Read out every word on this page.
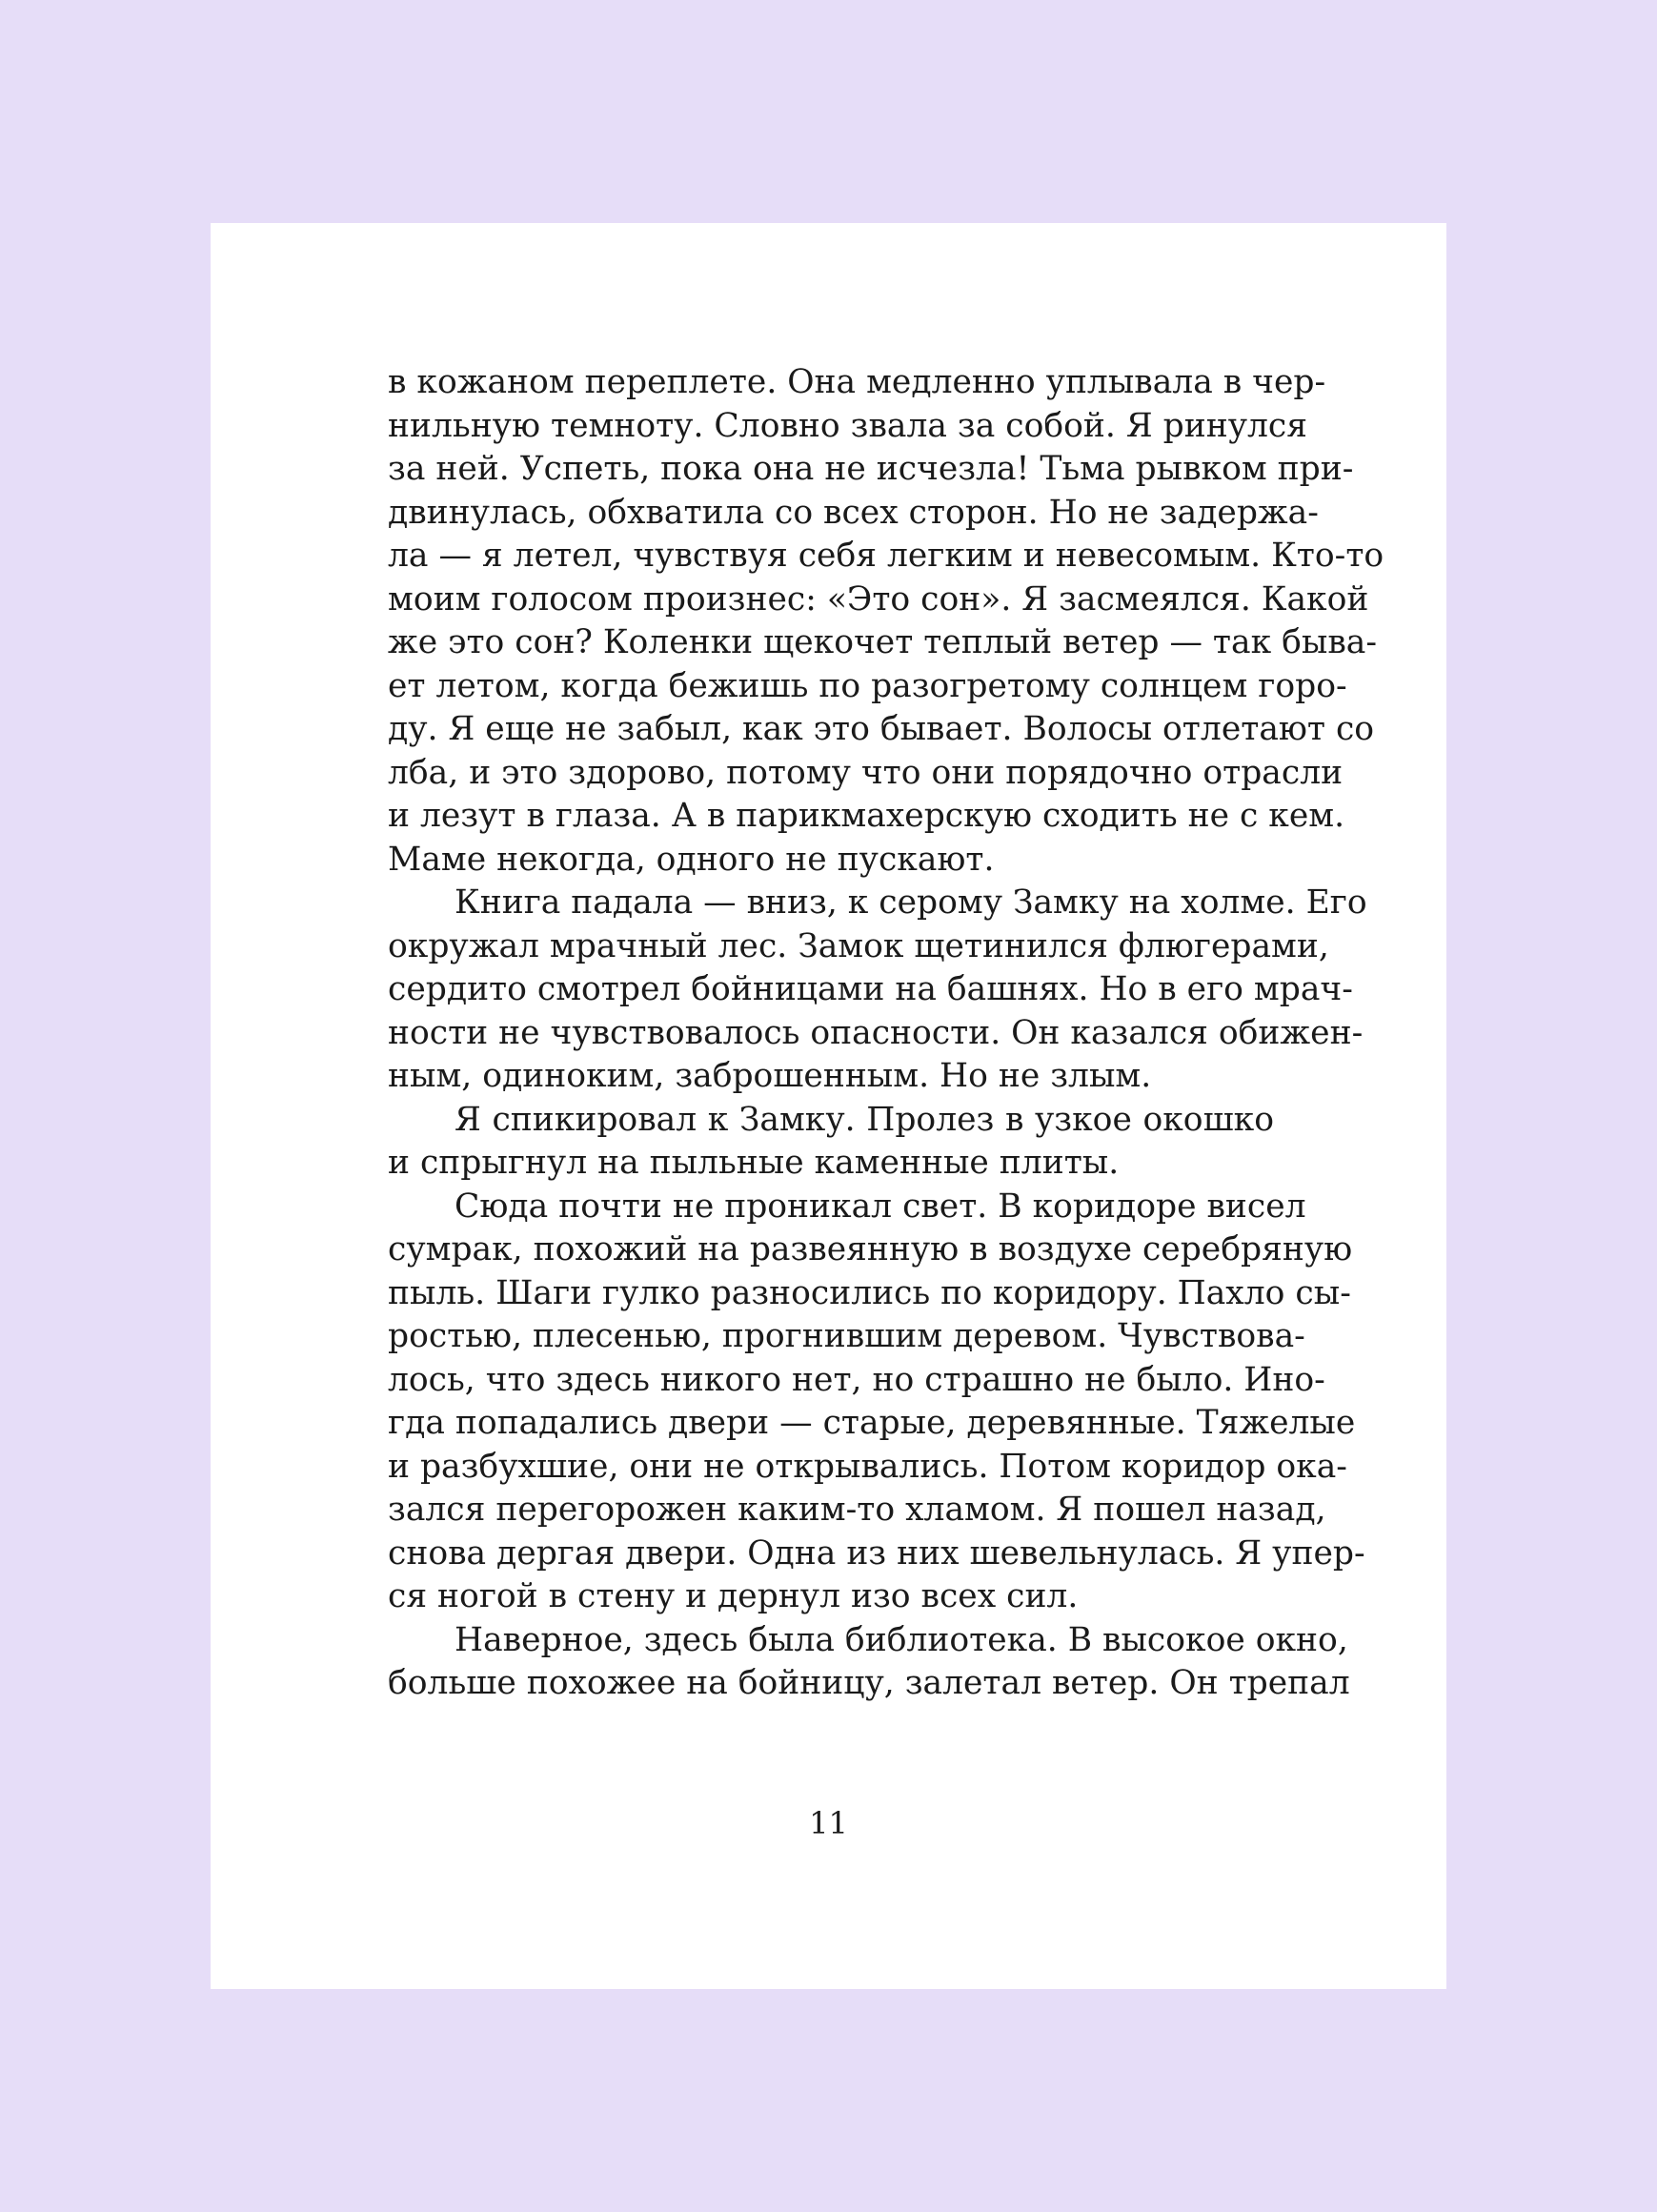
в кожаном переплете. Она медленно уплывала в чер-
нильную темноту. Словно звала за собой. Я ринулся
за ней. Успеть, пока она не исчезла! Тьма рывком при-
двинулась, обхватила со всех сторон. Но не задержа-
ла — я летел, чувствуя себя легким и невесомым. Кто-то
моим голосом произнес: «Это сон». Я засмеялся. Какой
же это сон? Коленки щекочет теплый ветер — так быва-
ет летом, когда бежишь по разогретому солнцем горо-
ду. Я еще не забыл, как это бывает. Волосы отлетают со
лба, и это здорово, потому что они порядочно отрасли
и лезут в глаза. А в парикмахерскую сходить не с кем.
Маме некогда, одного не пускают.
Книга падала — вниз, к серому Замку на холме. Его
окружал мрачный лес. Замок щетинился флюгерами,
сердито смотрел бойницами на башнях. Но в его мрач-
ности не чувствовалось опасности. Он казался обижен-
ным, одиноким, заброшенным. Но не злым.
Я спикировал к Замку. Пролез в узкое окошко
и спрыгнул на пыльные каменные плиты.
Сюда почти не проникал свет. В коридоре висел
сумрак, похожий на развеянную в воздухе серебряную
пыль. Шаги гулко разносились по коридору. Пахло сы-
ростью, плесенью, прогнившим деревом. Чувствова-
лось, что здесь никого нет, но страшно не было. Ино-
гда попадались двери — старые, деревянные. Тяжелые
и разбухшие, они не открывались. Потом коридор ока-
зался перегорожен каким-то хламом. Я пошел назад,
снова дергая двери. Одна из них шевельнулась. Я упер-
ся ногой в стену и дернул изо всех сил.
Наверное, здесь была библиотека. В высокое окно,
больше похожее на бойницу, залетал ветер. Он трепал
11
